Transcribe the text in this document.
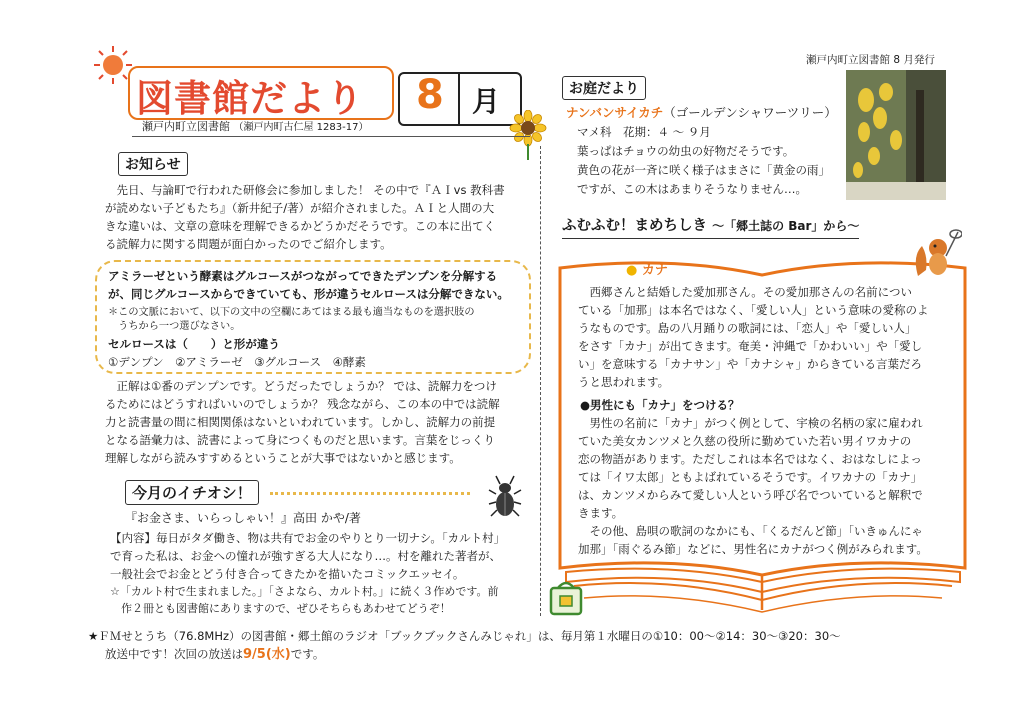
瀬戸内町立図書館 8 月発行
図書館だより 8 月
瀬戸内町立図書館 （瀬戸内町古仁屋 1283-17）
お知らせ
　先日、与論町で行われた研修会に参加しました！ その中で『ＡＩvs 教科書
が読めない子どもたち』（新井紀子/著）が紹介されました。ＡＩと人間の大
きな違いは、文章の意味を理解できるかどうかだそうです。この本に出てく
る読解力に関する問題が面白かったのでご紹介します。
アミラーゼという酵素はグルコースがつながってできたデンプンを分解する
が、同じグルコースからできていても、形が違うセルロースは分解できない。
＊この文脈において、以下の文中の空欄にあてはまる最も適当なものを選択肢の
　うちから一つ選びなさい。
セルロースは（　　）と形が違う
①デンプン　②アミラーゼ　③グルコース　④酵素
　正解は①番のデンプンです。どうだったでしょうか？ では、読解力をつけ
るためにはどうすればいいのでしょうか？ 残念ながら、この本の中では読解
力と読書量の間に相関関係はないといわれています。しかし、読解力の前提
となる語彙力は、読書によって身につくものだと思います。言葉をじっくり
理解しながら読みすすめるということが大事ではないかと感じます。
今月のイチオシ！
『お金さま、いらっしゃい！』高田 かや/著
【内容】毎日がタダ働き、物は共有でお金のやりとり一切ナシ。「カルト村」
で育った私は、お金への憧れが強すぎる大人になり…。村を離れた著者が、
一般社会でお金とどう付き合ってきたかを描いたコミックエッセイ。
☆「カルト村で生まれました。」「さよなら、カルト村。」に続く３作めです。前
　作２冊とも図書館にありますので、ぜひそちらもあわせてどうぞ！
お庭だより
ナンバンサイカチ（ゴールデンシャワーツリー）
マメ科　花期：４ ～ ９月
葉っぱはチョウの幼虫の好物だそうです。
黄色の花が一斉に咲く様子はまさに「黄金の雨」
ですが、この木はあまりそうなりません…。
ふむふむ！まめちしき ～「郷土誌の Bar」から～
● カナ
　西郷さんと結婚した愛加那さん。その愛加那さんの名前につい
ている「加那」は本名ではなく、「愛しい人」という意味の愛称のよ
うなものです。島の八月踊りの歌詞には、「恋人」や「愛しい人」
をさす「カナ」が出てきます。奄美・沖縄で「かわいい」や「愛し
い」を意味する「カナサン」や「カナシャ」からきている言葉だろ
うと思われます。
●男性にも「カナ」をつける？
　男性の名前に「カナ」がつく例として、宇検の名柄の家に雇われ
ていた美女カンツメと久慈の役所に勤めていた若い男イワカナの
恋の物語があります。ただしこれは本名ではなく、おはなしによっ
ては「イワ太郎」ともよばれているそうです。イワカナの「カナ」
は、カンツメからみて愛しい人という呼び名でついていると解釈で
きます。
　その他、島唄の歌詞のなかにも、「くるだんど節」「いきゅんにゃ
加那」「雨ぐるみ節」などに、男性名にカナがつく例がみられます。
★ＦＭせとうち（76.8MHz）の図書館・郷土館のラジオ「ブックブックさんみじゃれ」は、毎月第１水曜日の①10：00～②14：30～③20：30～
放送中です！次回の放送は9/5(水)です。
